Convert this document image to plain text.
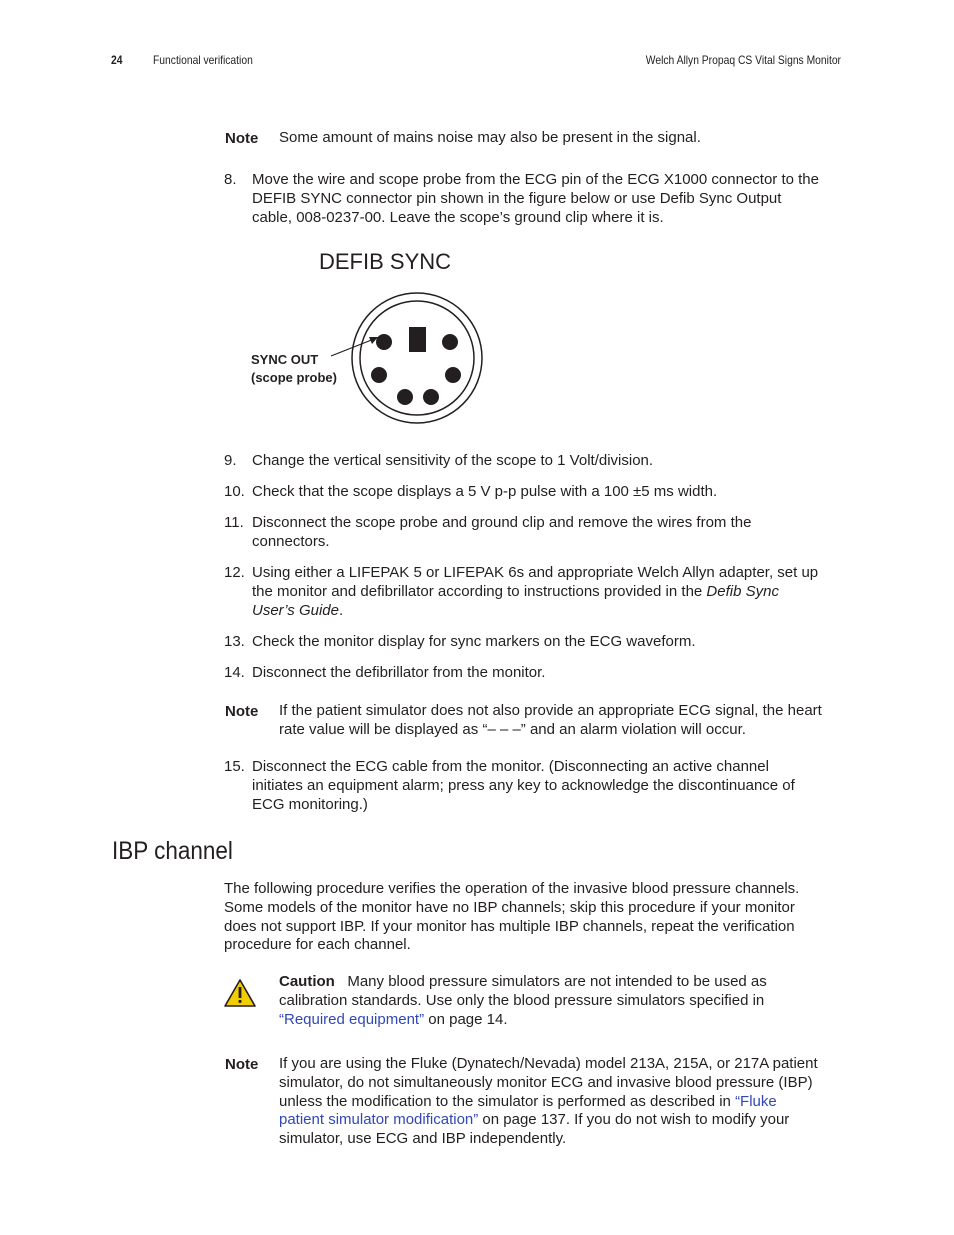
24	Functional verification	Welch Allyn Propaq CS Vital Signs Monitor
Note Some amount of mains noise may also be present in the signal.
8. Move the wire and scope probe from the ECG pin of the ECG X1000 connector to the
DEFIB SYNC connector pin shown in the figure below or use Defib Sync Output
cable, 008-0237-00. Leave the scope’s ground clip where it is.
DEFIB SYNC
SYNC OUT
(scope probe)
9. Change the vertical sensitivity of the scope to 1 Volt/division.
10. Check that the scope displays a 5 V p-p pulse with a 100 ±5 ms width.
11. Disconnect the scope probe and ground clip and remove the wires from the
connectors.
12. Using either a LIFEPAK 5 or LIFEPAK 6s and appropriate Welch Allyn adapter, set up
the monitor and defibrillator according to instructions provided in the Defib Sync
User’s Guide.
13. Check the monitor display for sync markers on the ECG waveform.
14. Disconnect the defibrillator from the monitor.
Note If the patient simulator does not also provide an appropriate ECG signal, the heart
rate value will be displayed as “– – –” and an alarm violation will occur.
15. Disconnect the ECG cable from the monitor. (Disconnecting an active channel
initiates an equipment alarm; press any key to acknowledge the discontinuance of
ECG monitoring.)
IBP channel
The following procedure verifies the operation of the invasive blood pressure channels.
Some models of the monitor have no IBP channels; skip this procedure if your monitor
does not support IBP. If your monitor has multiple IBP channels, repeat the verification
procedure for each channel.
Caution Many blood pressure simulators are not intended to be used as
calibration standards. Use only the blood pressure simulators specified in
“Required equipment” on page 14.
Note If you are using the Fluke (Dynatech/Nevada) model 213A, 215A, or 217A patient
simulator, do not simultaneously monitor ECG and invasive blood pressure (IBP)
unless the modification to the simulator is performed as described in “Fluke
patient simulator modification” on page 137. If you do not wish to modify your
simulator, use ECG and IBP independently.
